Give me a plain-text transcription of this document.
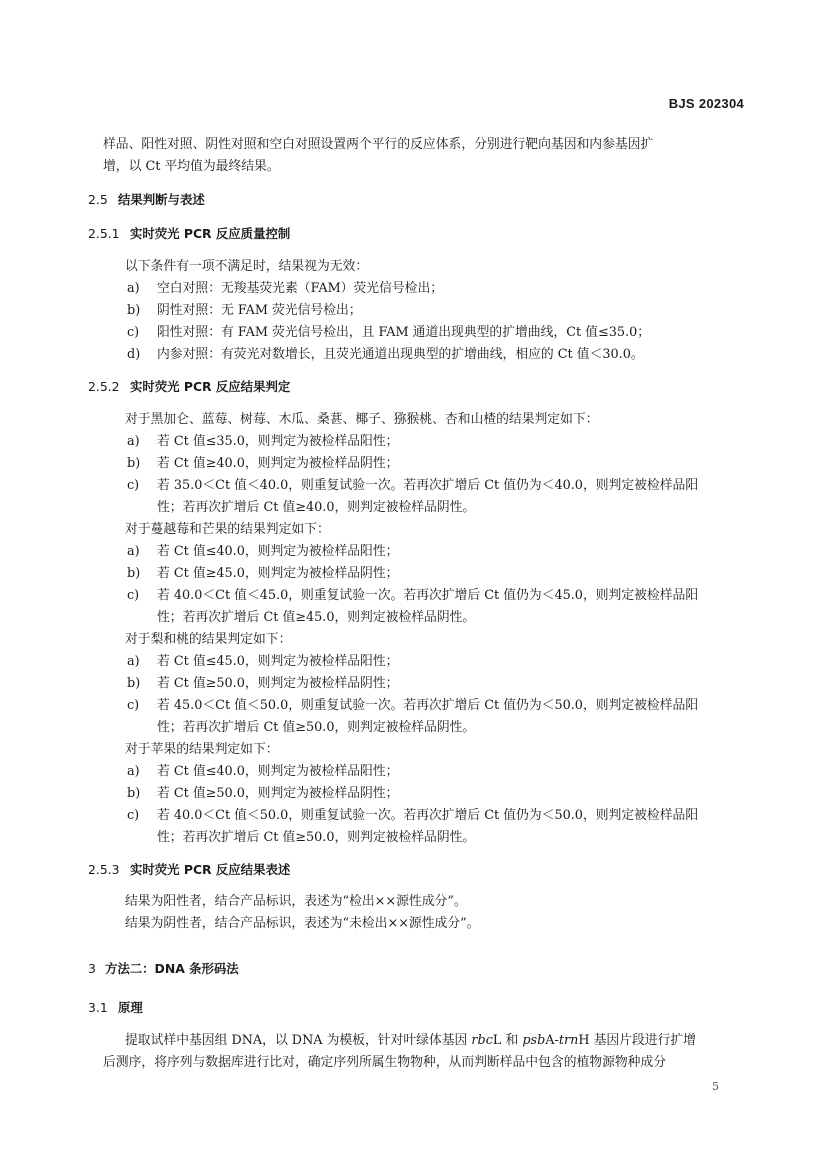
BJS 202304
样品、阳性对照、阴性对照和空白对照设置两个平行的反应体系，分别进行靶向基因和内参基因扩
增，以 Ct 平均值为最终结果。
2.5 结果判断与表述
2.5.1 实时荧光 PCR 反应质量控制
以下条件有一项不满足时，结果视为无效：
a) 空白对照：无羧基荧光素（FAM）荧光信号检出；
b) 阴性对照：无 FAM 荧光信号检出；
c) 阳性对照：有 FAM 荧光信号检出，且 FAM 通道出现典型的扩增曲线，Ct 值≤35.0；
d) 内参对照：有荧光对数增长，且荧光通道出现典型的扩增曲线，相应的 Ct 值＜30.0。
2.5.2 实时荧光 PCR 反应结果判定
对于黑加仑、蓝莓、树莓、木瓜、桑葚、椰子、猕猴桃、杏和山楂的结果判定如下：
a) 若 Ct 值≤35.0，则判定为被检样品阳性；
b) 若 Ct 值≥40.0，则判定为被检样品阴性；
c) 若 35.0＜Ct 值＜40.0，则重复试验一次。若再次扩增后 Ct 值仍为＜40.0，则判定被检样品阳
性；若再次扩增后 Ct 值≥40.0，则判定被检样品阴性。
对于蔓越莓和芒果的结果判定如下：
a) 若 Ct 值≤40.0，则判定为被检样品阳性；
b) 若 Ct 值≥45.0，则判定为被检样品阴性；
c) 若 40.0＜Ct 值＜45.0，则重复试验一次。若再次扩增后 Ct 值仍为＜45.0，则判定被检样品阳
性；若再次扩增后 Ct 值≥45.0，则判定被检样品阴性。
对于梨和桃的结果判定如下：
a) 若 Ct 值≤45.0，则判定为被检样品阳性；
b) 若 Ct 值≥50.0，则判定为被检样品阴性；
c) 若 45.0＜Ct 值＜50.0，则重复试验一次。若再次扩增后 Ct 值仍为＜50.0，则判定被检样品阳
性；若再次扩增后 Ct 值≥50.0，则判定被检样品阴性。
对于苹果的结果判定如下：
a) 若 Ct 值≤40.0，则判定为被检样品阳性；
b) 若 Ct 值≥50.0，则判定为被检样品阴性；
c) 若 40.0＜Ct 值＜50.0，则重复试验一次。若再次扩增后 Ct 值仍为＜50.0，则判定被检样品阳
性；若再次扩增后 Ct 值≥50.0，则判定被检样品阴性。
2.5.3 实时荧光 PCR 反应结果表述
结果为阳性者，结合产品标识，表述为“检出××源性成分”。
结果为阴性者，结合产品标识，表述为“未检出××源性成分”。
3 方法二：DNA 条形码法
3.1 原理
提取试样中基因组 DNA，以 DNA 为模板，针对叶绿体基因 rbcL 和 psbA-trnH 基因片段进行扩增
后测序，将序列与数据库进行比对，确定序列所属生物物种，从而判断样品中包含的植物源物种成分
5
